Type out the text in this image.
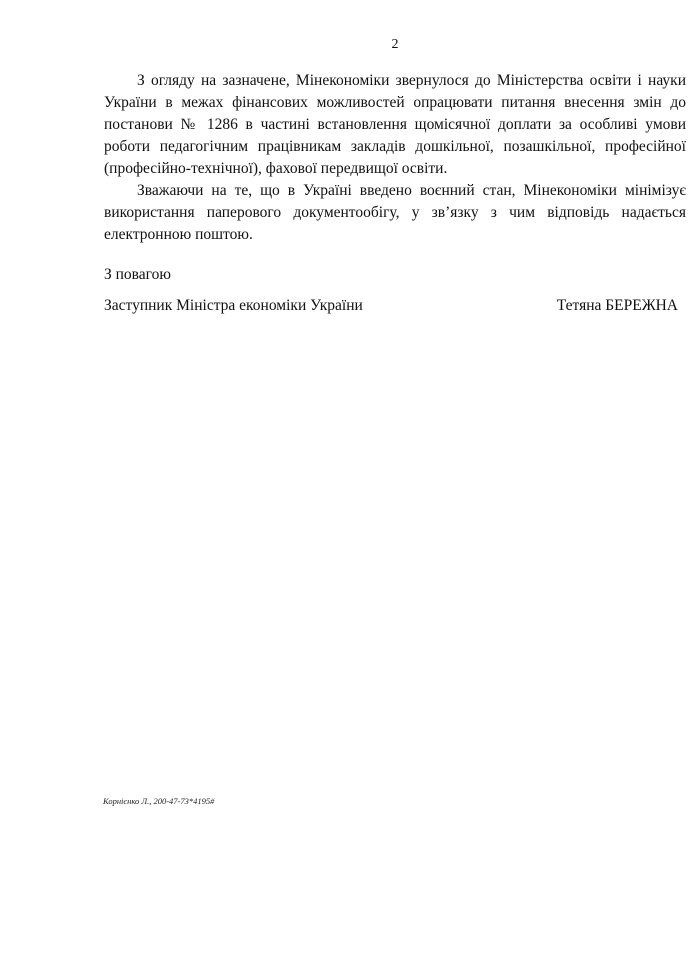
2

З огляду на зазначене, Мінекономіки звернулося до Міністерства освіти і науки України в межах фінансових можливостей опрацювати питання внесення змін до постанови № 1286 в частині встановлення щомісячної доплати за особливі умови роботи педагогічним працівникам закладів дошкільної, позашкільної, професійної (професійно-технічної), фахової передвищої освіти.

Зважаючи на те, що в Україні введено воєнний стан, Мінекономіки мінімізує використання паперового документообігу, у зв’язку з чим відповідь надається електронною поштою.

З повагою
Заступник Міністра економіки України	Тетяна БЕРЕЖНА
Корнієнко Л., 200-47-73*4195#
